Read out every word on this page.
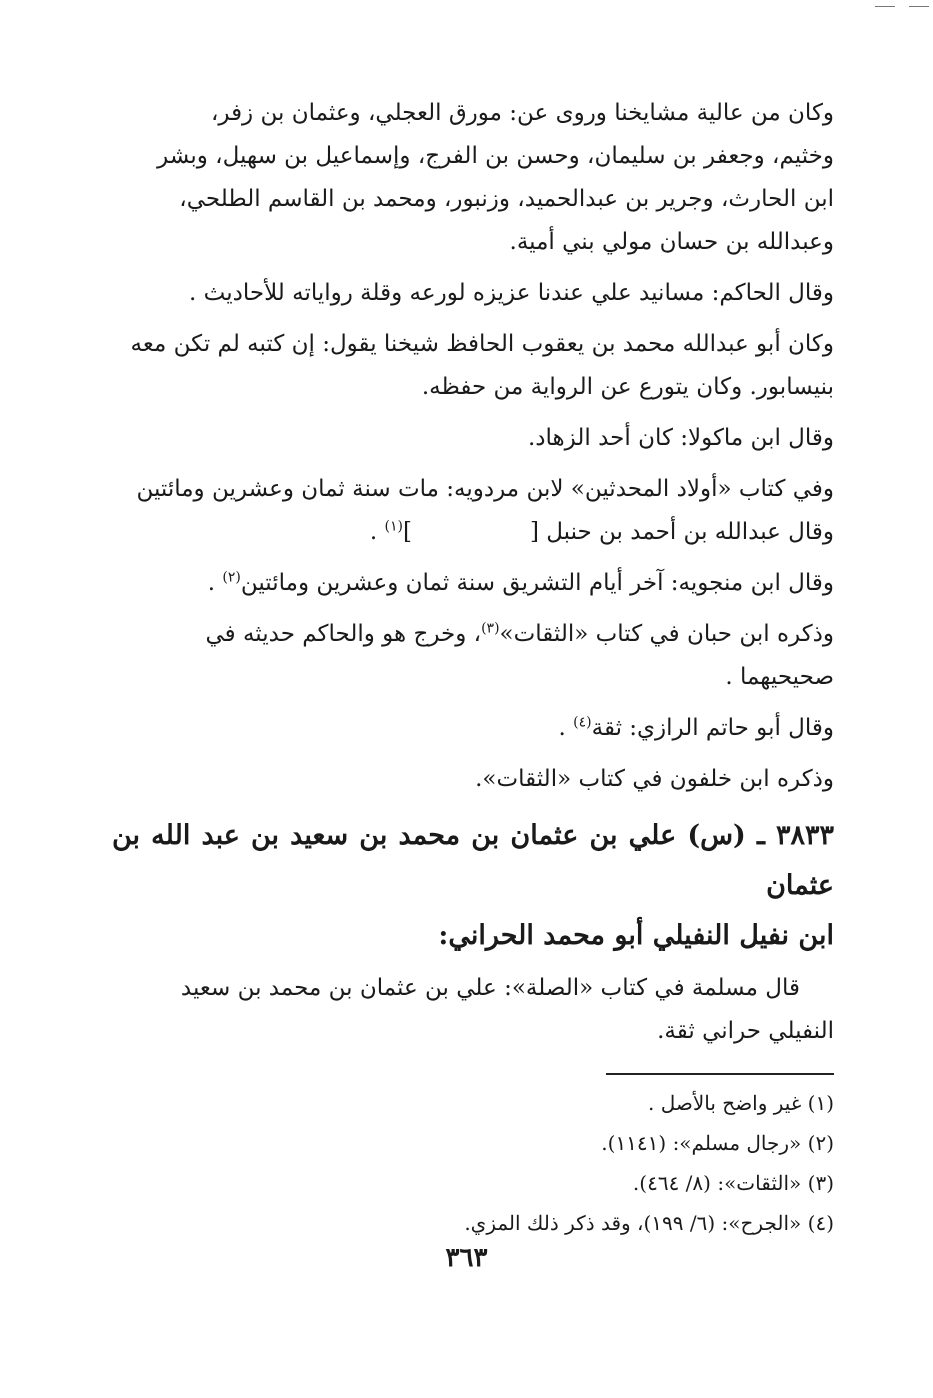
وكان من عالية مشايخنا وروى عن: مورق العجلي، وعثمان بن زفر،
وخثيم، وجعفر بن سليمان، وحسن بن الفرج، وإسماعيل بن سهيل، وبشر
ابن الحارث، وجرير بن عبدالحميد، وزنبور، ومحمد بن القاسم الطلحي،
وعبدالله بن حسان مولي بني أمية.

وقال الحاكم: مسانيد علي عندنا عزيزه لورعه وقلة رواياته للأحاديث .

وكان أبو عبدالله محمد بن يعقوب الحافظ شيخنا يقول: إن كتبه لم تكن معه
بنيسابور. وكان يتورع عن الرواية من حفظه.

وقال ابن ماكولا: كان أحد الزهاد.

وفي كتاب «أولاد المحدثين» لابن مردويه: مات سنة ثمان وعشرين ومائتين
وقال عبدالله بن أحمد بن حنبل []$^{(١)}$ .

وقال ابن منجويه: آخر أيام التشريق سنة ثمان وعشرين ومائتين$^{(٢)}$ .

وذكره ابن حبان في كتاب «الثقات»$^{(٣)}$، وخرج هو والحاكم حديثه في
صحيحيهما .

وقال أبو حاتم الرازي: ثقة$^{(٤)}$ .

وذكره ابن خلفون في كتاب «الثقات».

٣٨٣٣ ـ (س) علي بن عثمان بن محمد بن سعيد بن عبد الله بن عثمان
ابن نفيل النفيلي أبو محمد الحراني:

قال مسلمة في كتاب «الصلة»: علي بن عثمان بن محمد بن سعيد
النفيلي حراني ثقة.

(١) غير واضح بالأصل .

(٢) «رجال مسلم»: (١١٤١).

(٣) «الثقات»: (٨/ ٤٦٤).

(٤) «الجرح»: (٦/ ١٩٩)، وقد ذكر ذلك المزي.

٣٦٣
